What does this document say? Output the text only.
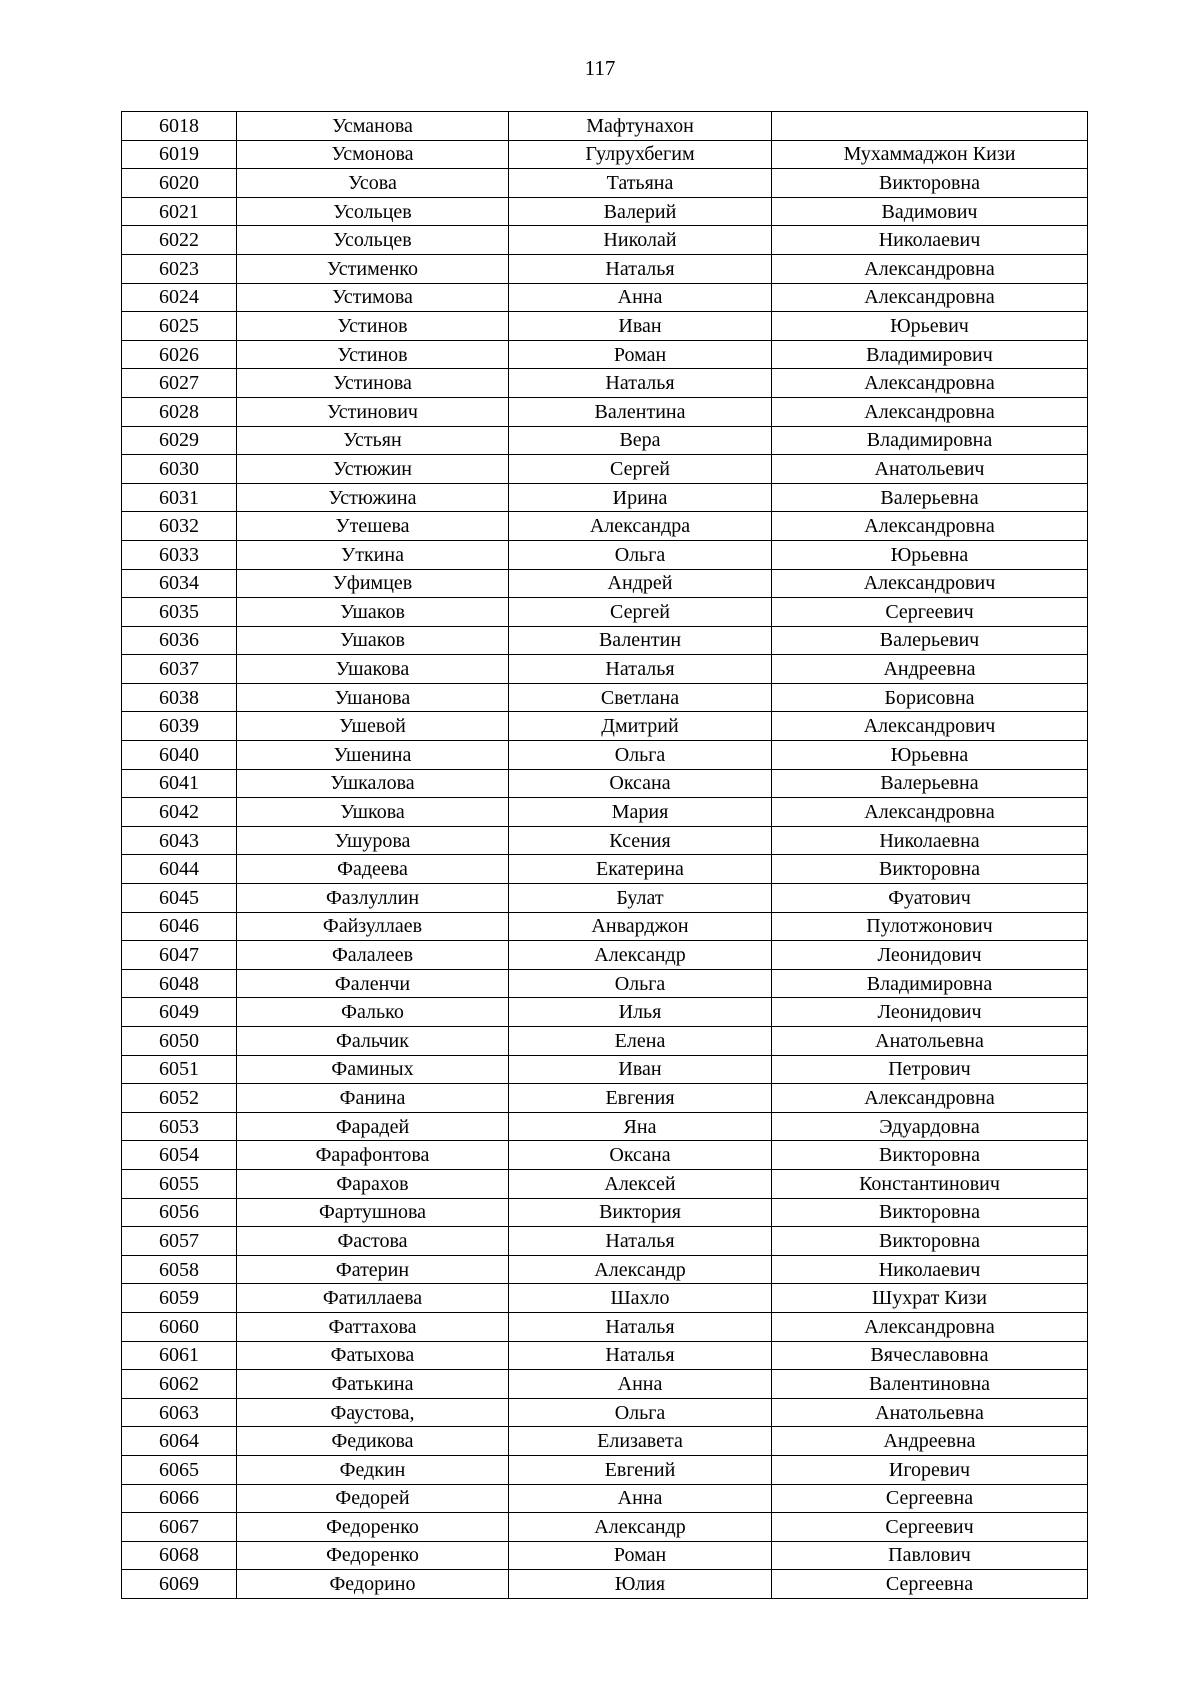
117
6018	Усманова	Мафтунахон	
6019	Усмонова	Гулрухбегим	Мухаммаджон Кизи
6020	Усова	Татьяна	Викторовна
6021	Усольцев	Валерий	Вадимович
6022	Усольцев	Николай	Николаевич
6023	Устименко	Наталья	Александровна
6024	Устимова	Анна	Александровна
6025	Устинов	Иван	Юрьевич
6026	Устинов	Роман	Владимирович
6027	Устинова	Наталья	Александровна
6028	Устинович	Валентина	Александровна
6029	Устьян	Вера	Владимировна
6030	Устюжин	Сергей	Анатольевич
6031	Устюжина	Ирина	Валерьевна
6032	Утешева	Александра	Александровна
6033	Уткина	Ольга	Юрьевна
6034	Уфимцев	Андрей	Александрович
6035	Ушаков	Сергей	Сергеевич
6036	Ушаков	Валентин	Валерьевич
6037	Ушакова	Наталья	Андреевна
6038	Ушанова	Светлана	Борисовна
6039	Ушевой	Дмитрий	Александрович
6040	Ушенина	Ольга	Юрьевна
6041	Ушкалова	Оксана	Валерьевна
6042	Ушкова	Мария	Александровна
6043	Ушурова	Ксения	Николаевна
6044	Фадеева	Екатерина	Викторовна
6045	Фазлуллин	Булат	Фуатович
6046	Файзуллаев	Анварджон	Пулотжонович
6047	Фалалеев	Александр	Леонидович
6048	Фаленчи	Ольга	Владимировна
6049	Фалько	Илья	Леонидович
6050	Фальчик	Елена	Анатольевна
6051	Фаминых	Иван	Петрович
6052	Фанина	Евгения	Александровна
6053	Фарадей	Яна	Эдуардовна
6054	Фарафонтова	Оксана	Викторовна
6055	Фарахов	Алексей	Константинович
6056	Фартушнова	Виктория	Викторовна
6057	Фастова	Наталья	Викторовна
6058	Фатерин	Александр	Николаевич
6059	Фатиллаева	Шахло	Шухрат Кизи
6060	Фаттахова	Наталья	Александровна
6061	Фатыхова	Наталья	Вячеславовна
6062	Фатькина	Анна	Валентиновна
6063	Фаустова,	Ольга	Анатольевна
6064	Федикова	Елизавета	Андреевна
6065	Федкин	Евгений	Игоревич
6066	Федорей	Анна	Сергеевна
6067	Федоренко	Александр	Сергеевич
6068	Федоренко	Роман	Павлович
6069	Федорино	Юлия	Сергеевна
